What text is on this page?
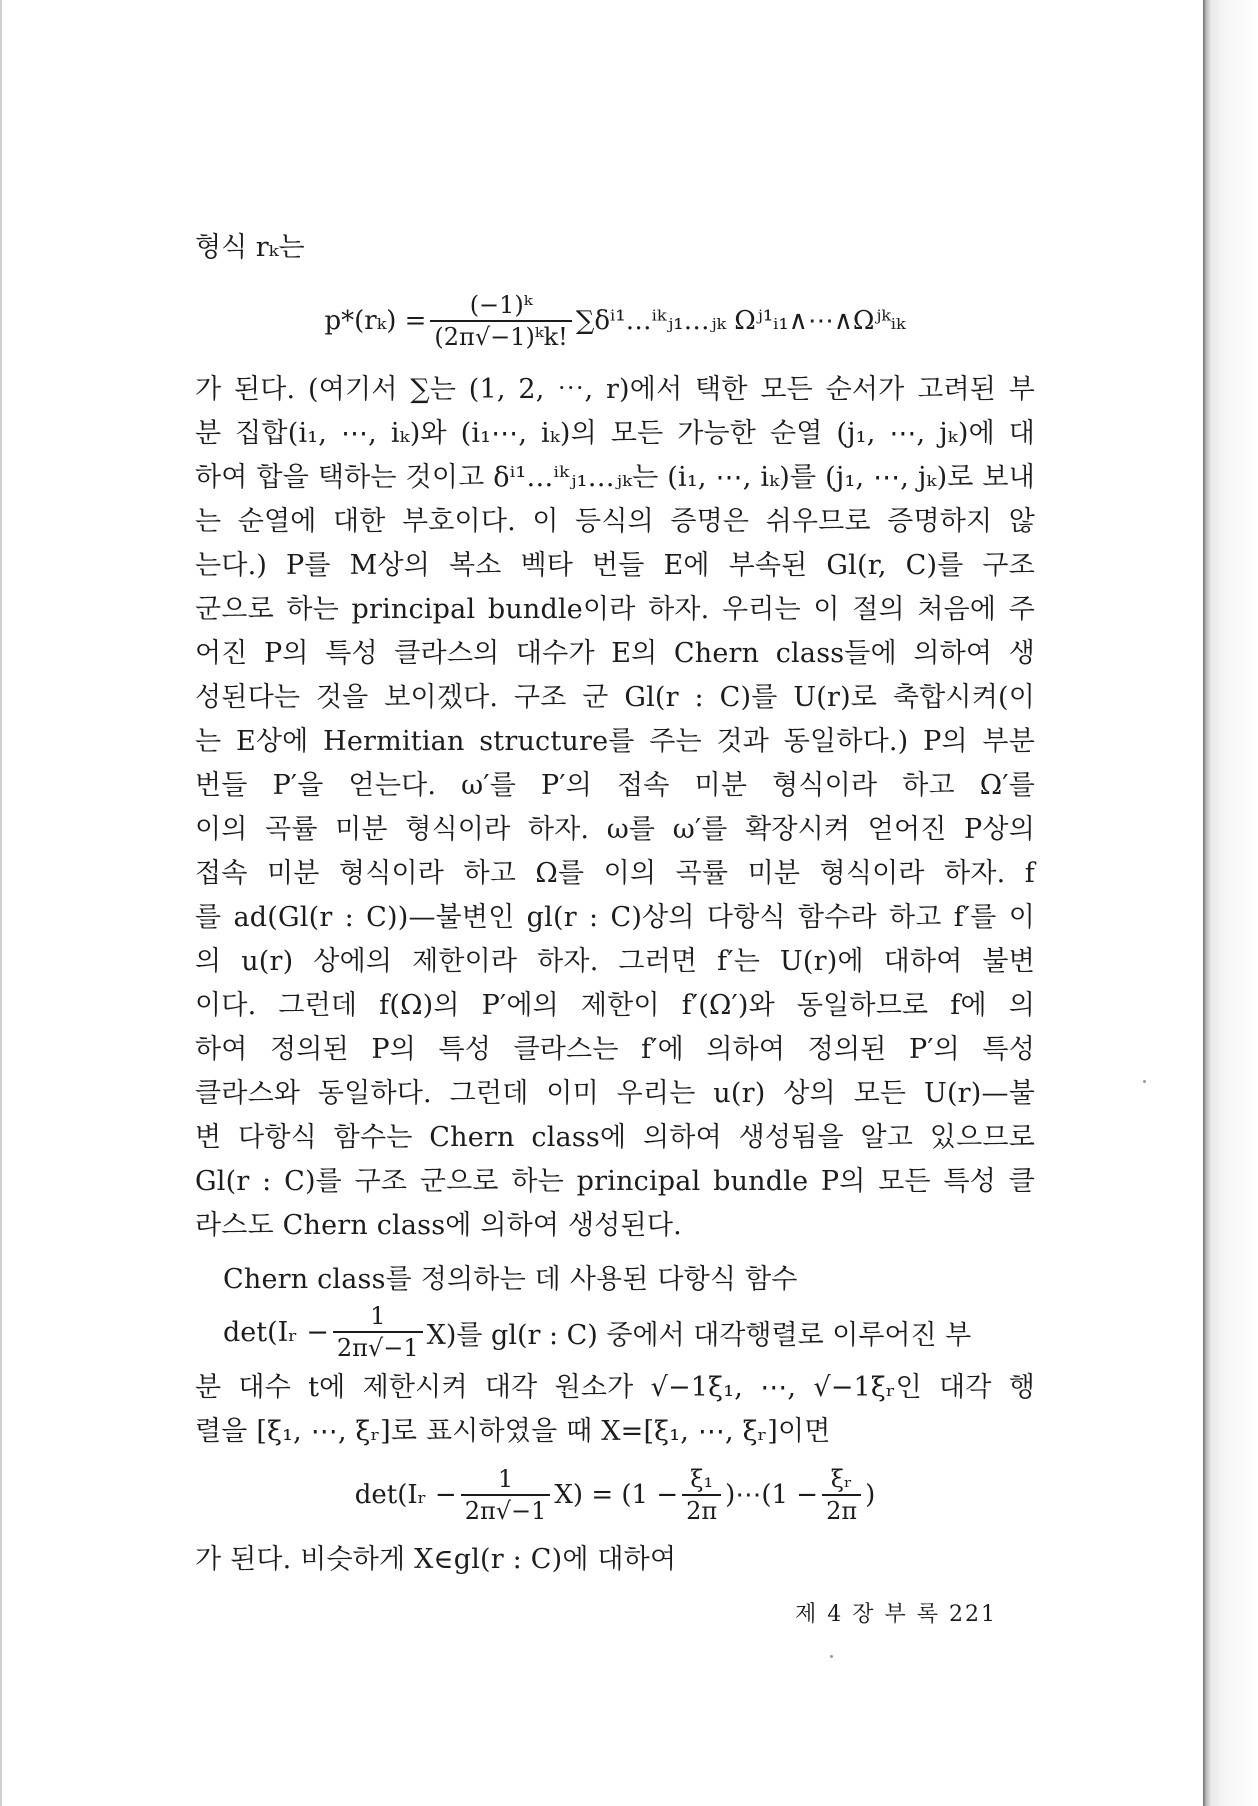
형식 rₖ는
$p*(r_k) = \frac{\text{(−1)ᵏ}}{\text{(2π√−1)ᵏk!}}$ ∑δⁱ¹…ⁱᵏⱼ₁…ⱼₖ Ωʲ¹ᵢ₁∧⋯∧Ωʲᵏᵢₖ
가 된다. (여기서 ∑는 (1, 2, ⋯, r)에서 택한 모든 순서가 고려된 부
분 집합(i₁, ⋯, iₖ)와 (i₁⋯, iₖ)의 모든 가능한 순열 (j₁, ⋯, jₖ)에 대
하여 합을 택하는 것이고 δⁱ¹…ⁱᵏⱼ₁…ⱼₖ는 (i₁, ⋯, iₖ)를 (j₁, ⋯, jₖ)로 보내
는 순열에 대한 부호이다. 이 등식의 증명은 쉬우므로 증명하지 않
는다.) P를 M상의 복소 벡타 번들 E에 부속된 Gl(r, C)를 구조
군으로 하는 principal bundle이라 하자. 우리는 이 절의 처음에 주
어진 P의 특성 클라스의 대수가 E의 Chern class들에 의하여 생
성된다는 것을 보이겠다. 구조 군 Gl(r : C)를 U(r)로 축합시켜(이
는 E상에 Hermitian structure를 주는 것과 동일하다.) P의 부분
번들 P′을 얻는다. ω′를 P′의 접속 미분 형식이라 하고 Ω′를
이의 곡률 미분 형식이라 하자. ω를 ω′를 확장시켜 얻어진 P상의
접속 미분 형식이라 하고 Ω를 이의 곡률 미분 형식이라 하자. f
를 ad(Gl(r : C))—불변인 gl(r : C)상의 다항식 함수라 하고 f′를 이
의 u(r) 상에의 제한이라 하자. 그러면 f′는 U(r)에 대하여 불변
이다. 그런데 f(Ω)의 P′에의 제한이 f′(Ω′)와 동일하므로 f에 의
하여 정의된 P의 특성 클라스는 f′에 의하여 정의된 P′의 특성
클라스와 동일하다. 그런데 이미 우리는 u(r) 상의 모든 U(r)—불
변 다항식 함수는 Chern class에 의하여 생성됨을 알고 있으므로
Gl(r : C)를 구조 군으로 하는 principal bundle P의 모든 특성 클
라스도 Chern class에 의하여 생성된다.
Chern class를 정의하는 데 사용된 다항식 함수
det(Iᵣ − $\frac{1}{2\pi√-1} X$)를 gl(r : C) 중에서 대각행렬로 이루어진 부
분 대수 t에 제한시켜 대각 원소가 √−1ξ₁, ⋯, √−1ξᵣ인 대각 행
렬을 [ξ₁, ⋯, ξᵣ]로 표시하였을 때 X=[ξ₁, ⋯, ξᵣ]이면
det(Iᵣ − $\frac{1}{2\pi√-1} X) = (1 - \frac{\text{ξ₁}}{2\pi}$ )⋯(1 − $\frac{\text{ξᵣ}}{2\pi}$ )
가 된다. 비슷하게 X∈gl(r : C)에 대하여
제 4 장 부 록 221
